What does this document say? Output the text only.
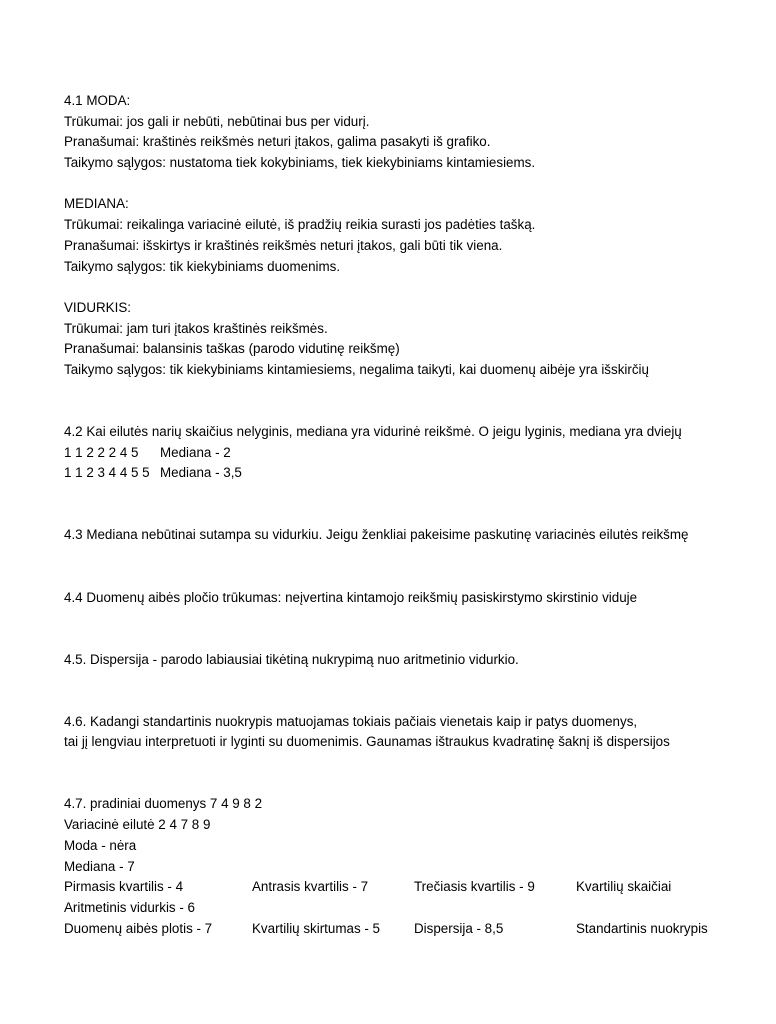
4.1 MODA:
Trūkumai: jos gali ir nebūti, nebūtinai bus per vidurį.
Pranašumai: kraštinės reikšmės neturi įtakos, galima pasakyti iš grafiko.
Taikymo sąlygos: nustatoma tiek kokybiniams, tiek kiekybiniams kintamiesiems.
MEDIANA:
Trūkumai: reikalinga variacinė eilutė, iš pradžių reikia surasti jos padėties tašką.
Pranašumai: išskirtys ir kraštinės reikšmės neturi įtakos, gali būti tik viena.
Taikymo sąlygos: tik kiekybiniams duomenims.
VIDURKIS:
Trūkumai: jam turi įtakos kraštinės reikšmės.
Pranašumai: balansinis taškas (parodo vidutinę reikšmę)
Taikymo sąlygos: tik kiekybiniams kintamiesiems, negalima taikyti, kai duomenų aibėje yra išskirčių
4.2 Kai eilutės narių skaičius nelyginis, mediana yra vidurinė reikšmė. O jeigu lyginis, mediana yra dviejų
1 1 2 2 2 4 5 Mediana - 2
1 1 2 3 4 4 5 5 Mediana - 3,5
4.3 Mediana nebūtinai sutampa su vidurkiu. Jeigu ženkliai pakeisime paskutinę variacinės eilutės reikšmę
4.4 Duomenų aibės pločio trūkumas: neįvertina kintamojo reikšmių pasiskirstymo skirstinio viduje
4.5. Dispersija - parodo labiausiai tikėtiną nukrypimą nuo aritmetinio vidurkio.
4.6. Kadangi standartinis nuokrypis matuojamas tokiais pačiais vienetais kaip ir patys duomenys,
tai jį lengviau interpretuoti ir lyginti su duomenimis. Gaunamas ištraukus kvadratinę šaknį iš dispersijos
4.7. pradiniai duomenys 7 4 9 8 2
Variacinė eilutė 2 4 7 8 9
Moda - nėra
Mediana - 7
Pirmasis kvartilis - 4	Antrasis kvartilis - 7	Trečiasis kvartilis - 9	Kvartilių skaičiai
Aritmetinis vidurkis - 6
Duomenų aibės plotis - 7	Kvartilių skirtumas - 5	Dispersija - 8,5	Standartinis nuokrypis
